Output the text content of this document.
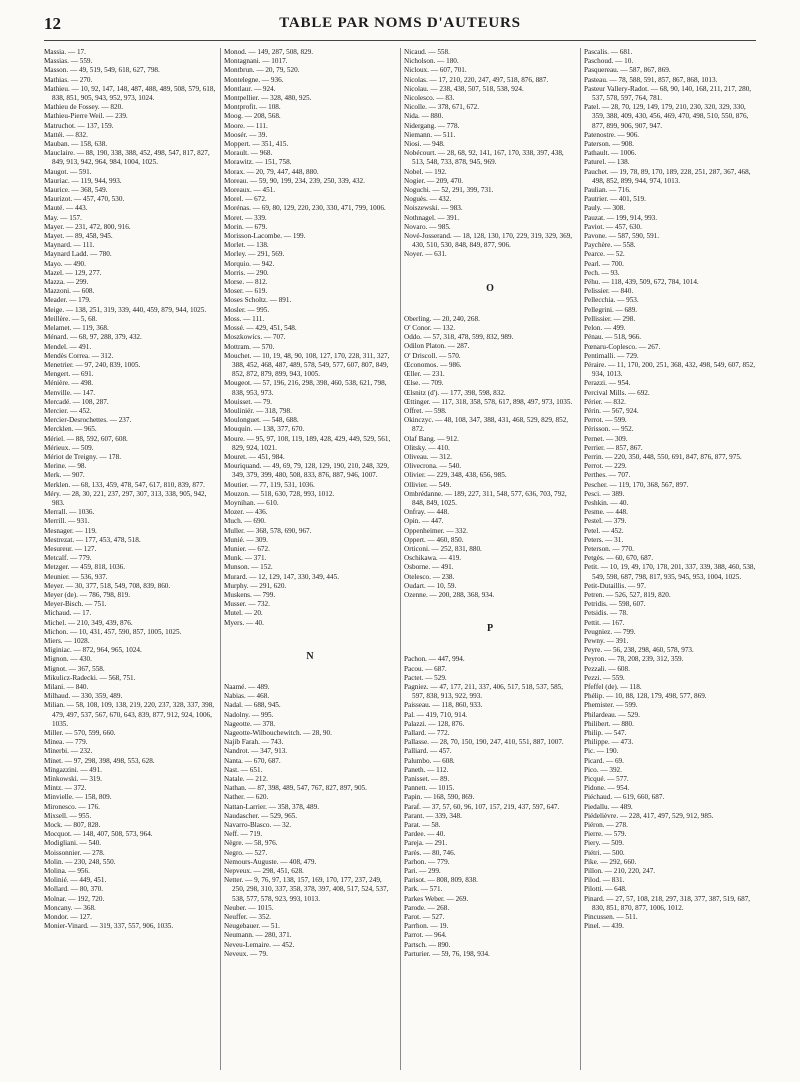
12	TABLE PAR NOMS D'AUTEURS

Massia. — 17.

Massias. — 559.

Masson. — 49, 519, 549, 618, 627, 798.

Mathias. — 270.

Mathieu. — 10, 92, 147, 148, 487, 488, 489, 508, 579, 618, 838, 851, 905, 943, 952, 973, 1024.

Mathieu de Fossey. — 820.

Mathieu-Pierre Weil. — 239.

Matruchot. — 137, 159.

Mattéi. — 832.

Mauban. — 158, 638.

Mauclaire. — 88, 190, 338, 388, 452, 498, 547, 817, 827, 849, 913, 942, 964, 984, 1004, 1025.

Maugot. — 591.

Mauriac. — 119, 944, 993.

Maurice. — 368, 549.

Maurizot. — 457, 470, 530.

Mauté. — 443.

May. — 157.

Mayer. — 231, 472, 800, 916.

Mayet. — 89, 458, 945.

Maynard. — 111.

Maynard Ladd. — 780.

Mayo. — 490.

Mazel. — 129, 277.

Mazza. — 299.

Mazzoni. — 608.

Meader. — 179.

Meige. — 138, 251, 319, 339, 440, 459, 879, 944, 1025.

Meillère. — 5, 68.

Melamet. — 119, 368.

Ménard. — 68, 97, 288, 379, 432.

Mendel. — 491.

Mendès Correa. — 312.

Menetrier. — 97, 240, 839, 1005.

Mengert. — 691.

Ménière. — 498.

Menville. — 147.

Mercadé. — 108, 287.

Mercier. — 452.

Mercier-Desrochettes. — 237.

Mercklen. — 965.

Mériel. — 88, 592, 607, 608.

Mérieux. — 509.

Mériot de Treigny. — 178.

Merine. — 98.

Merk. — 907.

Merklen. — 68, 133, 459, 478, 547, 617, 810, 839, 877.

Méry. — 28, 30, 221, 237, 297, 307, 313, 338, 905, 942, 983.

Merrall. — 1036.

Merrill. — 931.

Mesnager. — 119.

Mestrezat. — 177, 453, 478, 518.

Mesureur. — 127.

Metcalf. — 779.

Metzger. — 459, 818, 1036.

Meunier. — 536, 937.

Meyer. — 30, 377, 518, 549, 708, 839, 860.

Meyer (de). — 786, 798, 819.

Meyer-Bisch. — 751.

Michaud. — 17.

Michel. — 210, 349, 439, 876.

Michon. — 10, 431, 457, 590, 857, 1005, 1025.

Miers. — 1028.

Miginiac. — 872, 964, 965, 1024.

Mignon. — 430.

Mignot. — 367, 558.

Mikulicz-Radecki. — 568, 751.

Milani. — 840.

Milhaud. — 330, 359, 489.

Milian. — 58, 108, 109, 138, 219, 220, 237, 328, 337, 398, 479, 497, 537, 567, 670, 643, 839, 877, 912, 924, 1006, 1035.

Miller. — 570, 599, 660.

Minea. — 779.

Minerbi. — 232.

Minet. — 97, 298, 398, 498, 553, 628.

Mingazzini. — 491.

Minkowski. — 319.

Mintz. — 372.

Minvielle. — 158, 809.

Mironesco. — 176.

Mixsell. — 955.

Mock. — 807, 828.

Mocquot. — 148, 407, 508, 573, 964.

Modigliani. — 540.

Moissonnier. — 278.

Molin. — 230, 248, 550.

Molina. — 956.

Molinié. — 449, 451.

Mollard. — 80, 370.

Molnar. — 192, 720.

Moncany. — 368.

Mondor. — 127.

Monier-Vinard. — 319, 337, 557, 906, 1035.

Monod. — 149, 287, 508, 829.

Montagnani. — 1017.

Montbrun. — 20, 79, 520.

Montelegne. — 936.

Montlaur. — 924.

Montpellier. — 328, 480, 925.

Montprofit. — 108.

Moog. — 208, 568.

Moore. — 111.

Moosér. — 39.

Moppert. — 351, 415.

Morault. — 968.

Morawitz. — 151, 758.

Morax. — 20, 79, 447, 448, 880.

Moreau. — 59, 90, 199, 234, 239, 250, 339, 432.

Moreaux. — 451.

Morel. — 672.

Morénas. — 69, 80, 129, 220, 230, 330, 471, 799, 1006.

Moret. — 339.

Morin. — 679.

Morisson-Lacombe. — 199.

Morlet. — 138.

Morley. — 291, 569.

Morquio. — 942.

Morris. — 290.

Morse. — 812.

Moser. — 619.

Moses Scholtz. — 891.

Mosler. — 995.

Moss. — 111.

Mossé. — 429, 451, 548.

Moszkowics. — 707.

Mottram. — 570.

Mouchet. — 10, 19, 48, 90, 108, 127, 170, 228, 311, 327, 388, 452, 468, 487, 489, 578, 549, 577, 607, 807, 849, 852, 872, 879, 899, 943, 1005.

Mougeot. — 57, 196, 216, 298, 398, 460, 538, 621, 798, 838, 953, 973.

Mouisset. — 79.

Mouliniér. — 318, 798.

Moulonguet. — 548, 688.

Mouquin. — 138, 377, 670.

Moure. — 95, 97, 108, 119, 189, 428, 429, 449, 529, 561, 829, 924, 1021.

Mouret. — 451, 984.

Mouriquand. — 49, 69, 79, 128, 129, 190, 210, 248, 329, 349, 379, 399, 480, 508, 833, 876, 887, 946, 1007.

Moutier. — 77, 119, 531, 1036.

Mouzon. — 518, 630, 728, 993, 1012.

Moynihan. — 610.

Mozer. — 436.

Much. — 690.

Muller. — 368, 578, 690, 967.

Munié. — 309.

Munier. — 672.

Munk. — 371.

Munson. — 152.

Murard. — 12, 129, 147, 330, 349, 445.

Murphy. — 291, 620.

Muskens. — 799.

Musser. — 732.

Mutel. — 20.

Myers. — 40.

N

Naamé. — 489.

Nabias. — 468.

Nadal. — 688, 945.

Nadolny. — 995.

Nageotte. — 378.

Nageotte-Wilbouchewitch. — 28, 90.

Najib Farah. — 743.

Nandrot. — 347, 913.

Nanta. — 670, 687.

Nast. — 651.

Natale. — 212.

Nathan. — 87, 398, 489, 547, 767, 827, 897, 905.

Nather. — 620.

Nattan-Larrier. — 358, 378, 489.

Naudascher. — 529, 965.

Navarro-Blasco. — 32.

Neff. — 719.

Nègre. — 58, 976.

Negro. — 527.

Nemours-Auguste. — 408, 479.

Nepveux. — 298, 451, 628.

Netter. — 9, 76, 97, 138, 157, 169, 170, 177, 237, 249, 250, 298, 310, 337, 358, 378, 397, 408, 517, 524, 537, 538, 577, 578, 923, 993, 1013.

Neuber. — 1015.

Neuffer. — 352.

Neugebauer. — 51.

Neumann. — 280, 371.

Neveu-Lemaire. — 452.

Neveux. — 79.

Nicaud. — 558.

Nicholson. — 180.

Nicloux. — 607, 701.

Nicolas. — 17, 210, 220, 247, 497, 518, 876, 887.

Nicolau. — 238, 438, 507, 518, 538, 924.

Nicolesco. — 83.

Nicolle. — 378, 671, 672.

Nida. — 880.

Nidergang. — 778.

Niemann. — 511.

Niosi. — 948.

Nobécourt. — 28, 68, 92, 141, 167, 170, 338, 397, 438, 513, 548, 733, 878, 945, 969.

Nobel. — 192.

Nogier. — 209, 470.

Noguchi. — 52, 291, 399, 731.

Noguès. — 432.

Noiszewski. — 983.

Nothnagel. — 391.

Novaro. — 985.

Nové-Josserand. — 18, 128, 130, 170, 229, 319, 329, 369, 430, 510, 530, 848, 849, 877, 906.

Noyer. — 631.

O

Oberling. — 20, 240, 268.

O' Conor. — 132.

Oddo. — 57, 318, 478, 599, 832, 989.

Odilon Platon. — 287.

O' Driscoll. — 570.

Œconomos. — 986.

Œller. — 231.

Œlse. — 709.

Œlsnitz (d'). — 177, 398, 598, 832.

Œttinger. — 117, 318, 358, 578, 617, 898, 497, 973, 1035.

Offret. — 598.

Okinczyc. — 48, 108, 347, 388, 431, 468, 529, 829, 852, 872.

Olaf Bang. — 912.

Olitsky. — 410.

Oliveau. — 312.

Olivecrona. — 540.

Olivier. — 229, 348, 438, 656, 985.

Ollivier. — 549.

Ombrédanne. — 189, 227, 311, 548, 577, 636, 703, 792, 848, 849, 1025.

Onfray. — 448.

Opin. — 447.

Oppenheimer. — 332.

Oppert. — 460, 850.

Orticoni. — 252, 831, 880.

Oschikawa. — 419.

Osborne. — 491.

Otelesco. — 238.

Oudart. — 10, 59.

Ozenne. — 200, 288, 368, 934.

P

Pachon. — 447, 994.

Pacou. — 687.

Pactet. — 529.

Pagniez. — 47, 177, 211, 337, 406, 517, 518, 537, 585, 597, 838, 913, 922, 993.

Paisseau. — 118, 860, 933.

Pal. — 419, 710, 914.

Palazzi. — 128, 876.

Pallard. — 772.

Pallasse. — 28, 70, 150, 190, 247, 410, 551, 887, 1007.

Palliard. — 457.

Palumbo. — 608.

Paneth. — 112.

Panisset. — 89.

Pannett. — 1015.

Papin. — 168, 590, 869.

Paraf. — 37, 57, 60, 96, 107, 157, 219, 437, 597, 647.

Parant. — 339, 348.

Parat. — 58.

Pardee. — 40.

Pareja. — 291.

Parès. — 80, 746.

Parhon. — 779.

Pari. — 299.

Parisot. — 808, 809, 838.

Park. — 571.

Parkes Weber. — 269.

Parode. — 268.

Parot. — 527.

Parrhon. — 19.

Parrot. — 964.

Partsch. — 890.

Parturier. — 59, 76, 198, 934.

Pascalis. — 681.

Paschoud. — 10.

Pasquereau. — 587, 867, 869.

Pasteau. — 78, 588, 591, 857, 867, 868, 1013.

Pasteur Vallery-Radot. — 68, 90, 140, 168, 211, 217, 280, 537, 578, 597, 764, 781.

Patel. — 28, 70, 129, 149, 179, 210, 230, 320, 329, 330, 359, 388, 409, 430, 456, 469, 470, 498, 510, 550, 876, 877, 899, 906, 907, 947.

Patenostre. — 906.

Paterson. — 908.

Pathault. — 1006.

Paturel. — 138.

Pauchet. — 19, 78, 89, 170, 189, 228, 251, 287, 367, 468, 498, 852, 899, 944, 974, 1013.

Paulian. — 716.

Pautrier. — 401, 519.

Pauly. — 308.

Pauzat. — 199, 914, 993.

Paviot. — 457, 630.

Pavone. — 587, 590, 591.

Paychère. — 558.

Pearce. — 52.

Pearl. — 700.

Pech. — 93.

Péhu. — 118, 439, 509, 672, 784, 1014.

Pelissier. — 840.

Pellecchia. — 953.

Pellegrini. — 689.

Pellissier. — 298.

Pelon. — 499.

Pénau. — 518, 966.

Pœnaru-Coplesco. — 267.

Pentimalli. — 729.

Péraire. — 11, 170, 200, 251, 368, 432, 498, 549, 607, 852, 934, 1013.

Perazzi. — 954.

Percival Mills. — 692.

Périer. — 832.

Périn. — 567, 924.

Perrot. — 599.

Périsson. — 952.

Pernet. — 309.

Perrier. — 857, 867.

Perrin. — 220, 350, 448, 550, 691, 847, 876, 877, 975.

Perrot. — 229.

Perthes. — 707.

Pescher. — 119, 170, 368, 567, 897.

Pesci. — 389.

Peshkin. — 40.

Pesme. — 448.

Pestel. — 379.

Petel. — 452.

Peters. — 31.

Peterson. — 770.

Petgès. — 60, 670, 687.

Petit. — 10, 19, 49, 170, 178, 201, 337, 339, 388, 460, 538, 549, 598, 687, 798, 817, 935, 945, 953, 1004, 1025.

Petit-Dutaillis. — 97.

Petren. — 526, 527, 819, 820.

Petridis. — 598, 607.

Petsidis. — 78.

Pettit. — 167.

Peugniez. — 799.

Pewny. — 391.

Peyre. — 56, 238, 298, 460, 578, 973.

Peyron. — 78, 208, 239, 312, 359.

Pezzali. — 608.

Pezzi. — 559.

Pfeffel (de). — 118.

Phélip. — 10, 88, 128, 179, 498, 577, 869.

Phemister. — 599.

Philardeau. — 529.

Philibert. — 880.

Philip. — 547.

Philippe. — 473.

Pic. — 190.

Picard. — 69.

Pico. — 392.

Picqué. — 577.

Pidone. — 954.

Piéchaud. — 619, 660, 687.

Piedallu. — 489.

Piédelièvre. — 228, 417, 497, 529, 912, 985.

Piéron. — 278.

Pierre. — 579.

Piery. — 509.

Piétri. — 500.

Pike. — 292, 660.

Pillon. — 210, 220, 247.

Pilod. — 831.

Pilotti. — 648.

Pinard. — 27, 57, 108, 218, 297, 318, 377, 387, 519, 687, 830, 851, 870, 877, 1006, 1012.

Pincussen. — 511.

Pinel. — 439.
